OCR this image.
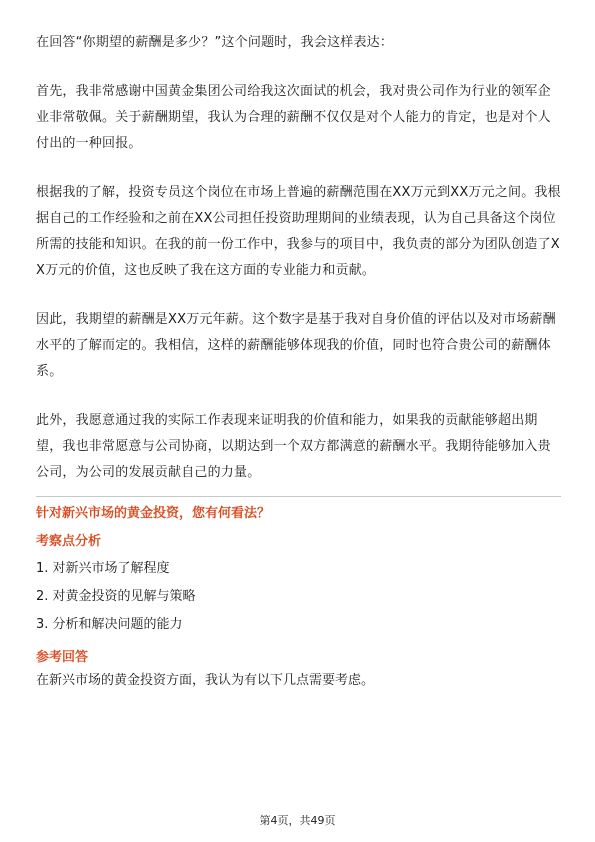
在回答“你期望的薪酬是多少？”这个问题时，我会这样表达：

首先，我非常感谢中国黄金集团公司给我这次面试的机会，我对贵公司作为行业的领军企业非常敬佩。关于薪酬期望，我认为合理的薪酬不仅仅是对个人能力的肯定，也是对个人付出的一种回报。

根据我的了解，投资专员这个岗位在市场上普遍的薪酬范围在XX万元到XX万元之间。我根据自己的工作经验和之前在XX公司担任投资助理期间的业绩表现，认为自己具备这个岗位所需的技能和知识。在我的前一份工作中，我参与的项目中，我负责的部分为团队创造了XX万元的价值，这也反映了我在这方面的专业能力和贡献。

因此，我期望的薪酬是XX万元年薪。这个数字是基于我对自身价值的评估以及对市场薪酬水平的了解而定的。我相信，这样的薪酬能够体现我的价值，同时也符合贵公司的薪酬体系。

此外，我愿意通过我的实际工作表现来证明我的价值和能力，如果我的贡献能够超出期望，我也非常愿意与公司协商，以期达到一个双方都满意的薪酬水平。我期待能够加入贵公司，为公司的发展贡献自己的力量。

针对新兴市场的黄金投资，您有何看法？

考察点分析

1. 对新兴市场了解程度
2. 对黄金投资的见解与策略
3. 分析和解决问题的能力

参考回答

在新兴市场的黄金投资方面，我认为有以下几点需要考虑。

第4页，共49页
